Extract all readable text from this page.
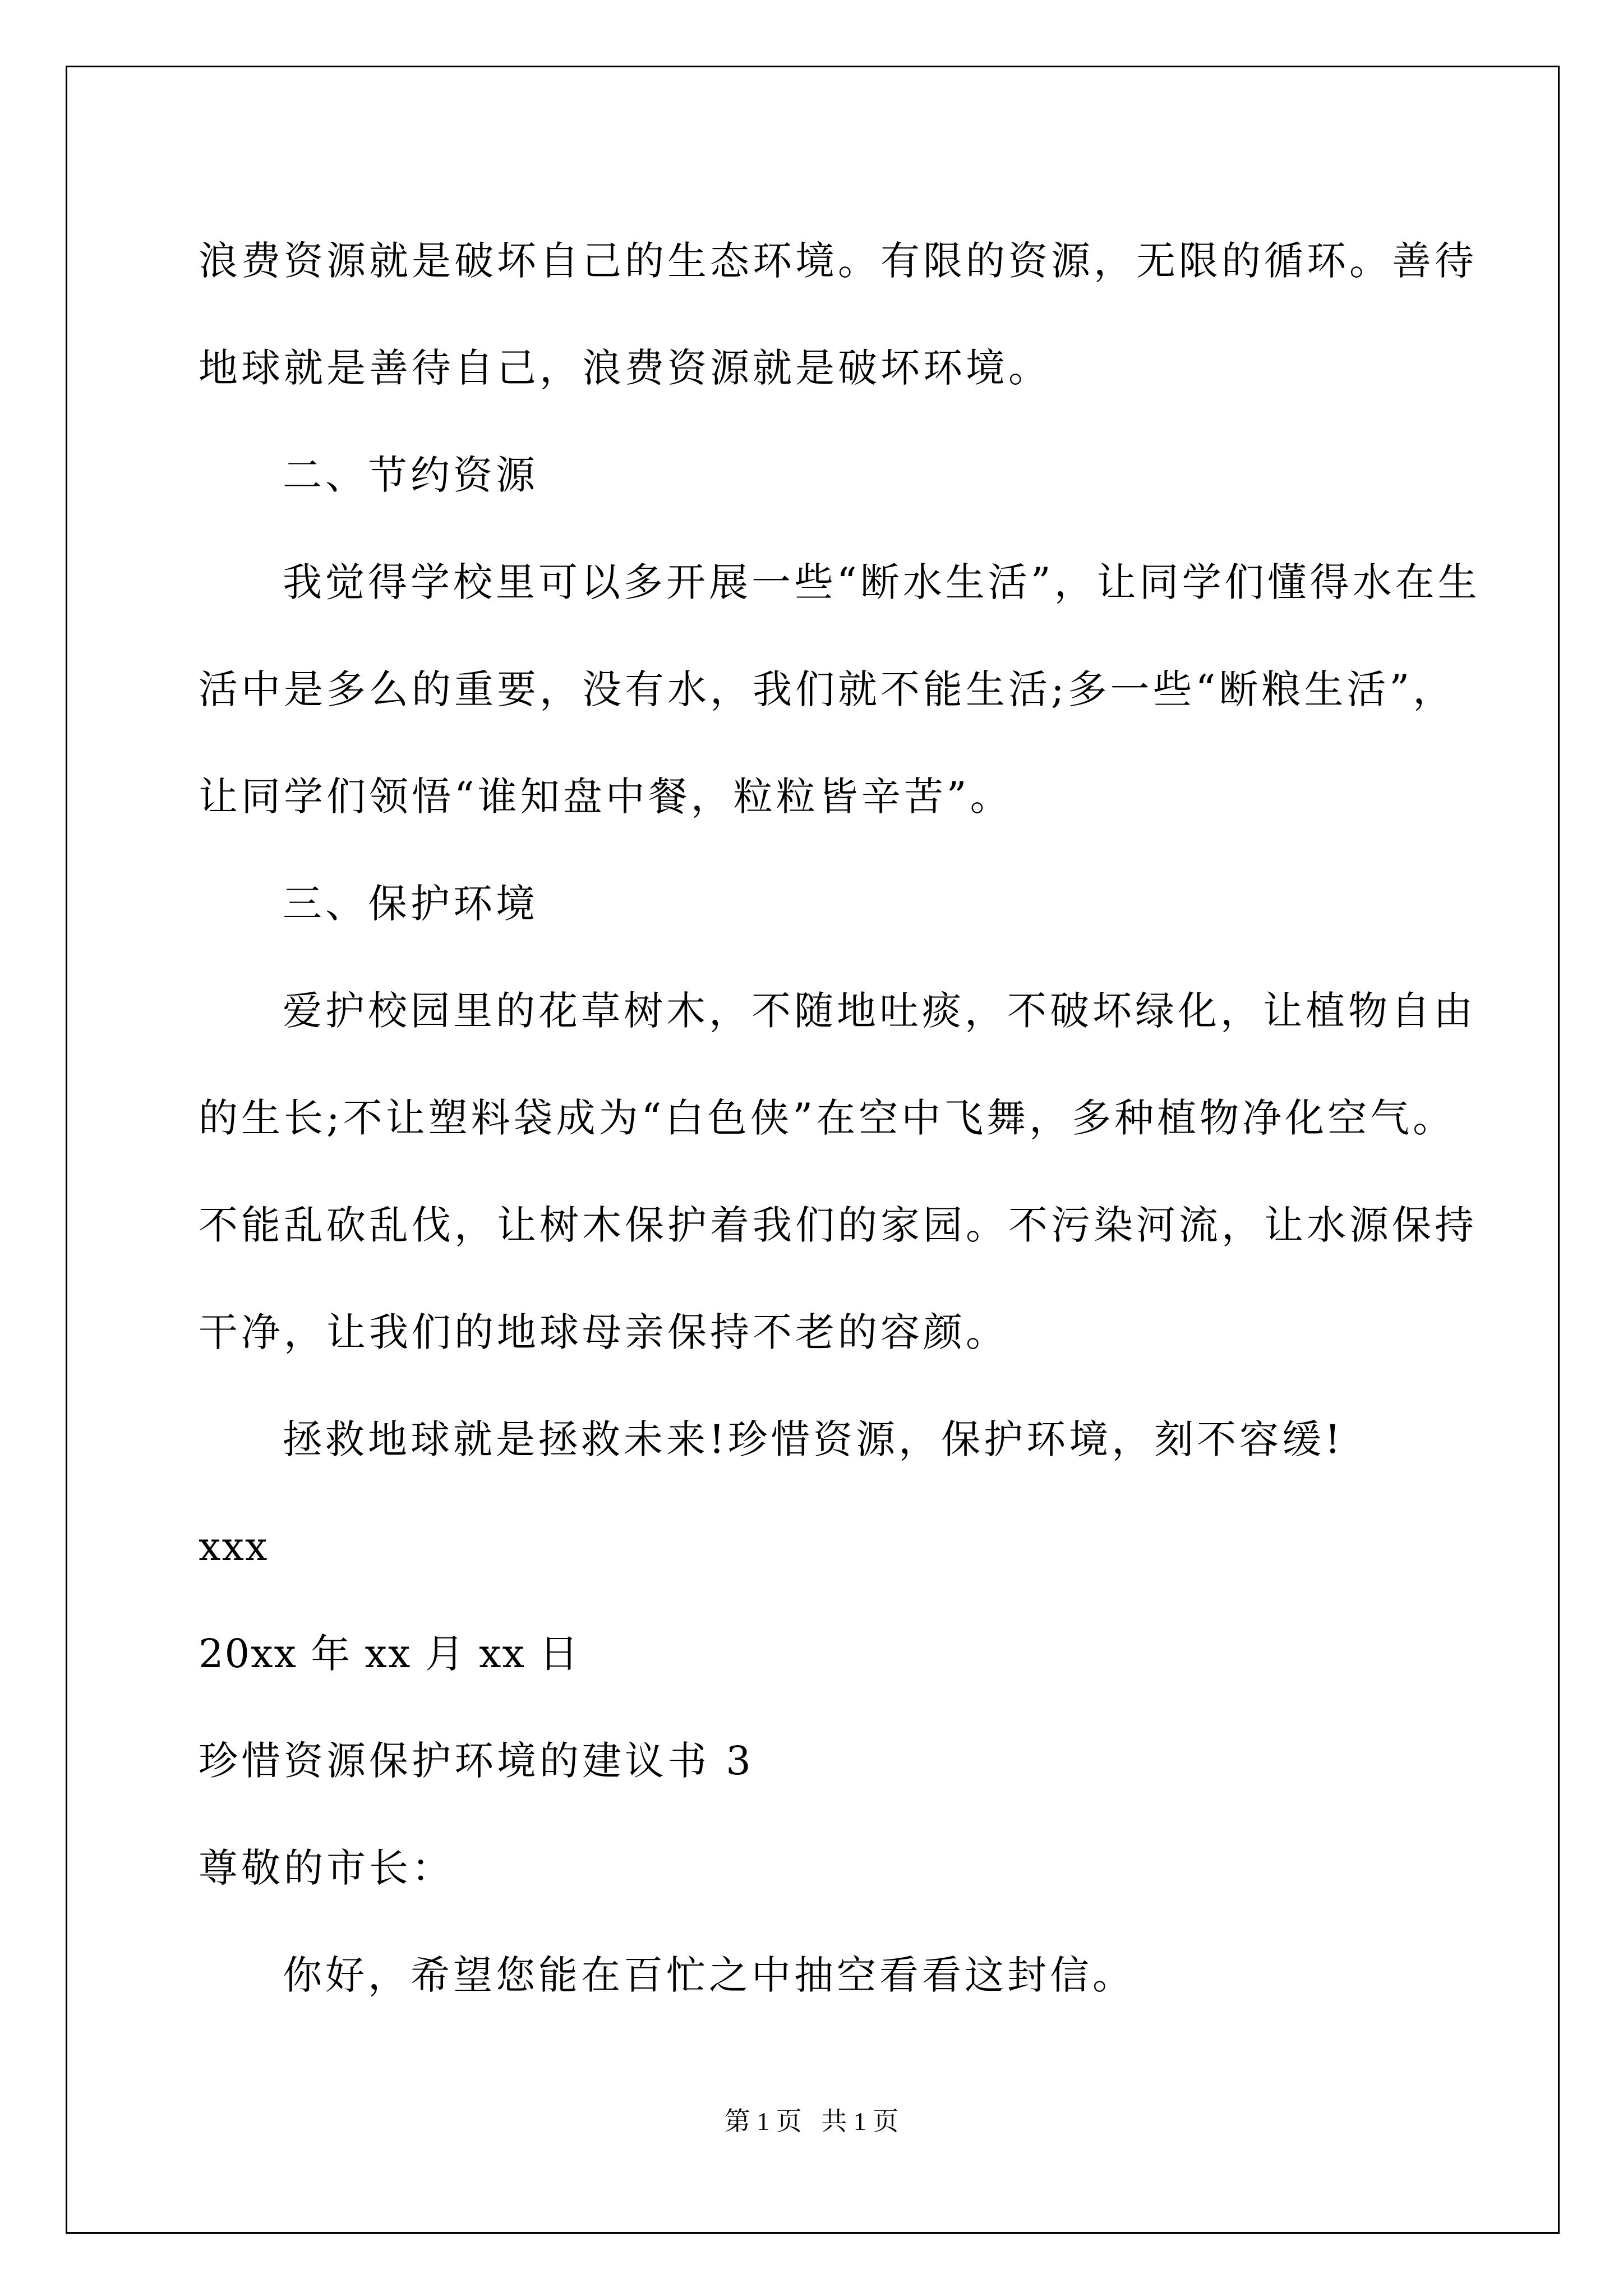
浪费资源就是破坏自己的生态环境。有限的资源，无限的循环。善待
地球就是善待自己，浪费资源就是破坏环境。
二、节约资源
我觉得学校里可以多开展一些“断水生活”，让同学们懂得水在生
活中是多么的重要，没有水，我们就不能生活;多一些“断粮生活”，
让同学们领悟“谁知盘中餐，粒粒皆辛苦”。
三、保护环境
爱护校园里的花草树木，不随地吐痰，不破坏绿化，让植物自由
的生长;不让塑料袋成为“白色侠”在空中飞舞，多种植物净化空气。
不能乱砍乱伐，让树木保护着我们的家园。不污染河流，让水源保持
干净，让我们的地球母亲保持不老的容颜。
拯救地球就是拯救未来!珍惜资源，保护环境，刻不容缓!
xxx
20xx 年 xx 月 xx 日
珍惜资源保护环境的建议书 3
尊敬的市长：
你好，希望您能在百忙之中抽空看看这封信。
第 1 页   共 1 页
